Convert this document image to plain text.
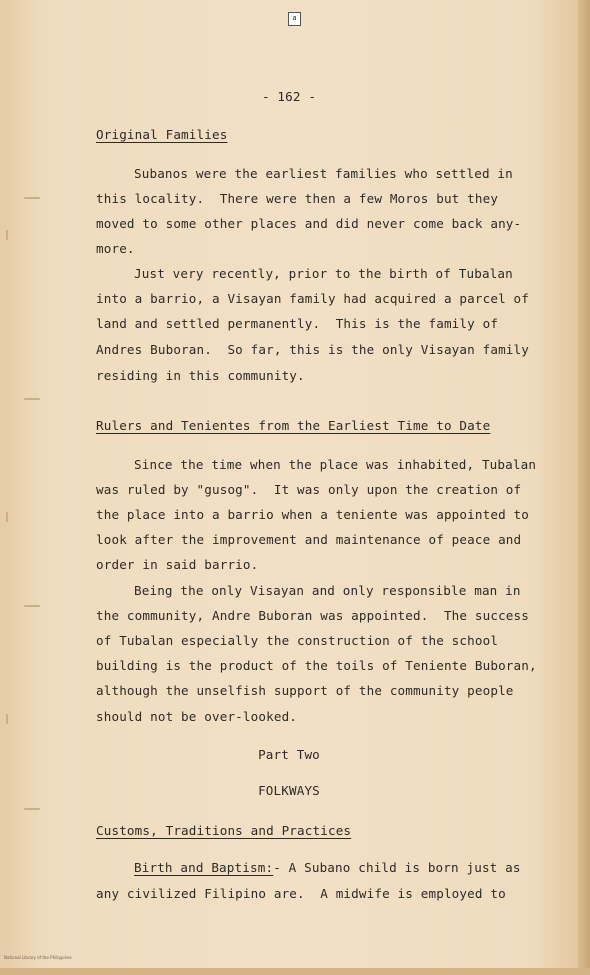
a
- 162 -
Original Families
Subanos were the earliest families who settled in
this locality.  There were then a few Moros but they
moved to some other places and did never come back any-
more.
Just very recently, prior to the birth of Tubalan
into a barrio, a Visayan family had acquired a parcel of
land and settled permanently.  This is the family of
Andres Buboran.  So far, this is the only Visayan family
residing in this community.
Rulers and Tenientes from the Earliest Time to Date
Since the time when the place was inhabited, Tubalan
was ruled by "gusog".  It was only upon the creation of
the place into a barrio when a teniente was appointed to
look after the improvement and maintenance of peace and
order in said barrio.
Being the only Visayan and only responsible man in
the community, Andre Buboran was appointed.  The success
of Tubalan especially the construction of the school
building is the product of the toils of Teniente Buboran,
although the unselfish support of the community people
should not be over-looked.
Part Two
FOLKWAYS
Customs, Traditions and Practices
Birth and Baptism:- A Subano child is born just as
any civilized Filipino are.  A midwife is employed to
National Library of the Philippines
